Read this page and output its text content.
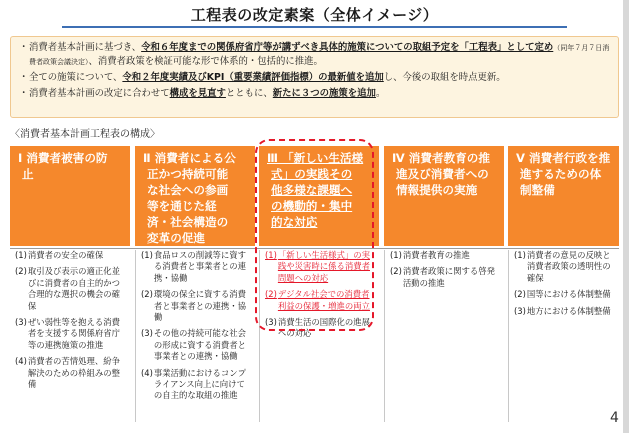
工程表の改定素案（全体イメージ）
・ 消費者基本計画に基づき、令和６年度までの関係府省庁等が講ずべき具体的施策についての取組予定を「工程表」として定め（同年７月７日消費者政策会議決定）、消費者政策を検証可能な形で体系的・包括的に推進。
・ 全ての施策について、令和２年度実績及びKPI（重要業績評価指標）の最新値を追加し、今後の取組を時点更新。
・ 消費者基本計画の改定に合わせて構成を見直すとともに、新たに３つの施策を追加。
〈消費者基本計画工程表の構成〉
Ⅰ 消費者被害の防
止
Ⅱ 消費者による公
正かつ持続可能
な社会への参画
等を通じた経
済・社会構造の
変革の促進
Ⅲ 「新しい生活様
式」の実践その
他多様な課題へ
の機動的・集中
的な対応
Ⅳ 消費者教育の推
進及び消費者への
情報提供の実施
Ⅴ 消費者行政を推
進するための体
制整備
(1) 消費者の安全の確保
(2) 取引及び表示の適正化並びに消費者の自主的かつ合理的な選択の機会の確保
(3) ぜい弱性等を抱える消費者を支援する関係府省庁等の連携施策の推進
(4) 消費者の苦情処理、紛争解決のための枠組みの整備
(1) 食品ロスの削減等に資する消費者と事業者との連携・協働
(2) 環境の保全に資する消費者と事業者との連携・協働
(3) その他の持続可能な社会の形成に資する消費者と事業者との連携・協働
(4) 事業活動におけるコンプライアンス向上に向けての自主的な取組の推進
(1) 「新しい生活様式」の実践や災害時に係る消費者問題への対応
(2) デジタル社会での消費者利益の保護・増進の両立
(3) 消費生活の国際化の進展への対応
(1) 消費者教育の推進
(2) 消費者政策に関する啓発活動の推進
(1) 消費者の意見の反映と消費者政策の透明性の確保
(2) 国等における体制整備
(3) 地方における体制整備
4
